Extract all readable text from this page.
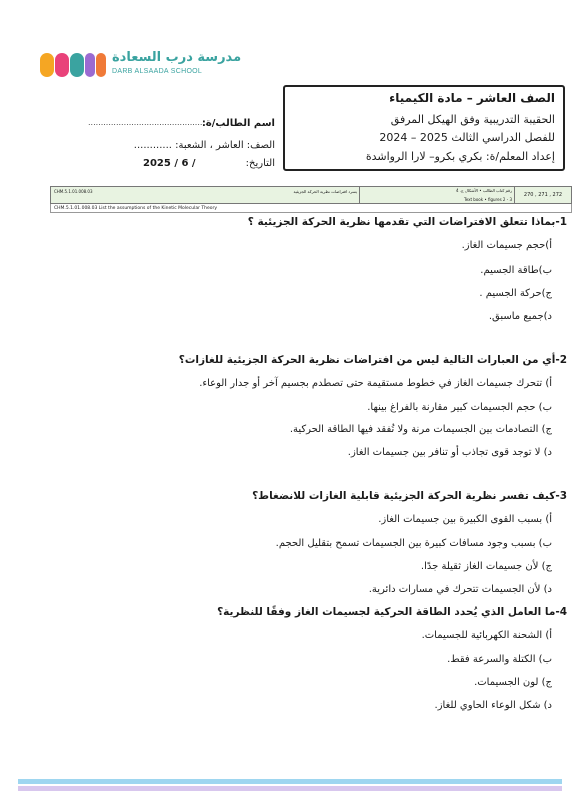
مدرسة درب السعادة
DARB ALSAADA SCHOOL
الصف العاشر – مادة الكيمياء
الحقيبة التدريبية وفق الهيكل المرفق
للفصل الدراسي الثالث 2025 – 2024
إعداد المعلم/ة: بكري بكرو– لارا الرواشدة
اسم الطالب/ة:
...............................................
الصف: العاشر ، الشعبة: ............
التاريخ:
2025 / 6 /
270 , 271 , 272
رقم كتاب الطالب • الأشكال ج. 4
Text book • figures 2 - 3
يسرد افتراضات نظرية الحركة الجزيئية
CHM.5.1.01.008.03
CHM.5.1.01.008.03 List the assumptions of the Kinetic Molecular Theory
1-بماذا تتعلق الافتراضات التي تقدمها نظرية الحركة الجزيئية ؟
أ)حجم جسيمات الغاز.
ب)طاقة الجسيم.
ج)حركة الجسيم .
د)جميع ماسبق.
2-أي من العبارات التالية ليس من افتراضات نظرية الحركة الجزيئية للغازات؟
أ) تتحرك جسيمات الغاز في خطوط مستقيمة حتى تصطدم بجسيم آخر أو جدار الوعاء.
ب) حجم الجسيمات كبير مقارنة بالفراغ بينها.
ج) التصادمات بين الجسيمات مرنة ولا تُفقد فيها الطاقة الحركية.
د) لا توجد قوى تجاذب أو تنافر بين جسيمات الغاز.
3-كيف تفسر نظرية الحركة الجزيئية قابلية الغازات للانضغاط؟
أ) بسبب القوى الكبيرة بين جسيمات الغاز.
ب) بسبب وجود مسافات كبيرة بين الجسيمات تسمح بتقليل الحجم.
ج) لأن جسيمات الغاز ثقيلة جدًا.
د) لأن الجسيمات تتحرك في مسارات دائرية.
4-ما العامل الذي يُحدد الطاقة الحركية لجسيمات الغاز وفقًا للنظرية؟
أ) الشحنة الكهربائية للجسيمات.
ب) الكتلة والسرعة فقط.
ج) لون الجسيمات.
د) شكل الوعاء الحاوي للغاز.
